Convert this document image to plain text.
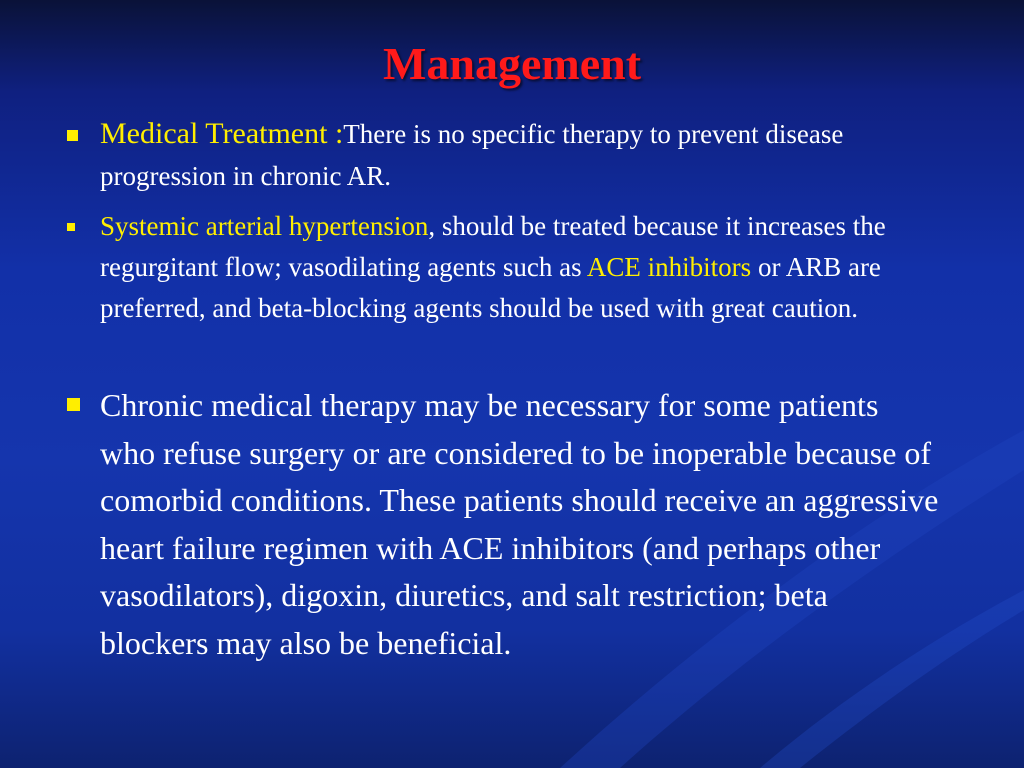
Management
Medical Treatment :There is no specific therapy to prevent disease progression in chronic AR.
Systemic arterial hypertension, should be treated because it increases the regurgitant flow; vasodilating agents such as ACE inhibitors or ARB are preferred, and beta-blocking agents should be used with great caution.
Chronic medical therapy may be necessary for some patients who refuse surgery or are considered to be inoperable because of comorbid conditions. These patients should receive an aggressive heart failure regimen with ACE inhibitors (and perhaps other vasodilators), digoxin, diuretics, and salt restriction; beta blockers may also be beneficial.
